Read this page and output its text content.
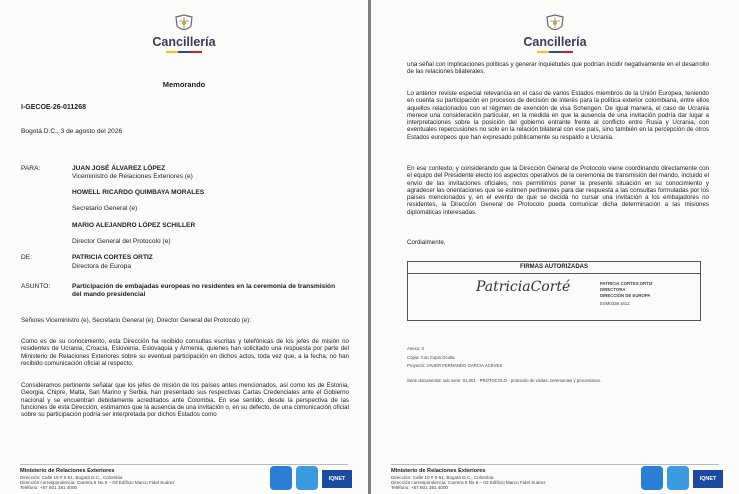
Cancillería
Memorando
I-GECOE-26-011268
Bogotá D.C., 3 de agosto del 2026
PARA:	JUAN JOSÉ ÁLVAREZ LÓPEZ
Viceministro de Relaciones Exteriores (e)
HOWELL RICARDO QUIMBAYA MORALES
Secretario General (e)
MARIO ALEJANDRO LÓPEZ SCHILLER
Director General del Protocolo (e)
DE:	PATRICIA CORTES ORTIZ
Directora de Europa
ASUNTO:	Participación de embajadas europeas no residentes en la ceremonia de transmisión del mando presidencial
Señores Viceministro (e), Secretario General (e), Director General del Protocolo (e):
Como es de su conocimiento, esta Dirección ha recibido consultas escritas y telefónicas de los jefes de misión no residentes de Ucrania, Croacia, Eslovenia, Eslovaquia y Armenia, quienes han solicitado una respuesta por parte del Ministerio de Relaciones Exteriores sobre su eventual participación en dichos actos, toda vez que, a la fecha, no han recibido comunicación oficial al respecto.
Consideramos pertinente señalar que los jefes de misión de los países antes mencionados, así como los de Estonia, Georgia, Chipre, Malta, San Marino y Serbia, han presentado sus respectivas Cartas Credenciales ante el Gobierno nacional y se encuentran debidamente acreditados ante Colombia. En ese sentido, desde la perspectiva de las funciones de esta Dirección, estimamos que la ausencia de una invitación o, en su defecto, de una comunicación oficial sobre su participación podría ser interpretada por dichos Estados como
Ministerio de Relaciones Exteriores
Dirección: Calle 10 # 5-51, Bogotá D.C., Colombia
Dirección correspondencia: Carrera 5 No 9 – 03 Edificio Marco Fidel Suárez
Teléfono: +57 601 381 4000
IQNET
Cancillería
una señal con implicaciones políticas y generar inquietudes que podrían incidir negativamente en el desarrollo de las relaciones bilaterales.
Lo anterior reviste especial relevancia en el caso de varios Estados miembros de la Unión Europea, teniendo en cuenta su participación en procesos de decisión de interés para la política exterior colombiana, entre ellos aquellos relacionados con el régimen de exención de visa Schengen. De igual manera, el caso de Ucrania merece una consideración particular, en la medida en que la ausencia de una invitación podría dar lugar a interpretaciones sobre la posición del gobierno entrante frente al conflicto entre Rusia y Ucrania, con eventuales repercusiones no solo en la relación bilateral con ese país, sino también en la percepción de otros Estados europeos que han expresado públicamente su respaldo a Ucrania.
En ese contexto, y considerando que la Dirección General de Protocolo viene coordinando directamente con el equipo del Presidente electo los aspectos operativos de la ceremonia de transmisión del mando, incluido el envío de las invitaciones oficiales, nos permitimos poner la presente situación en su conocimiento y agradecer las orientaciones que se estimen pertinentes para dar respuesta a las consultas formuladas por los países mencionados y, en el evento de que se decida no cursar una invitación a los embajadores no residentes, la Dirección General de Protocolo pueda comunicar dicha determinación a las misiones diplomáticas interesadas.
Cordialmente,
FIRMAS AUTORIZADAS
PatriciaCorté	PATRICIA CORTES ORTIZ
DIRECTORA
DIRECCIÓN DE EUROPA
ESM0338 1612
Anexo: 0
Copia: Con Copia Oculta
Proyectó: JAVIER FERNANDO GARCIA ACEVES
Serie documental: sub serie: 01.001 - PROTOCOLO - protocolo de visitas, ceremonias y procesiones.
Ministerio de Relaciones Exteriores
Dirección: Calle 10 # 5-51, Bogotá D.C., Colombia
Dirección correspondencia: Carrera 5 No 9 – 03 Edificio Marco Fidel Suárez
Teléfono: +57 601 381 4000
IQNET
